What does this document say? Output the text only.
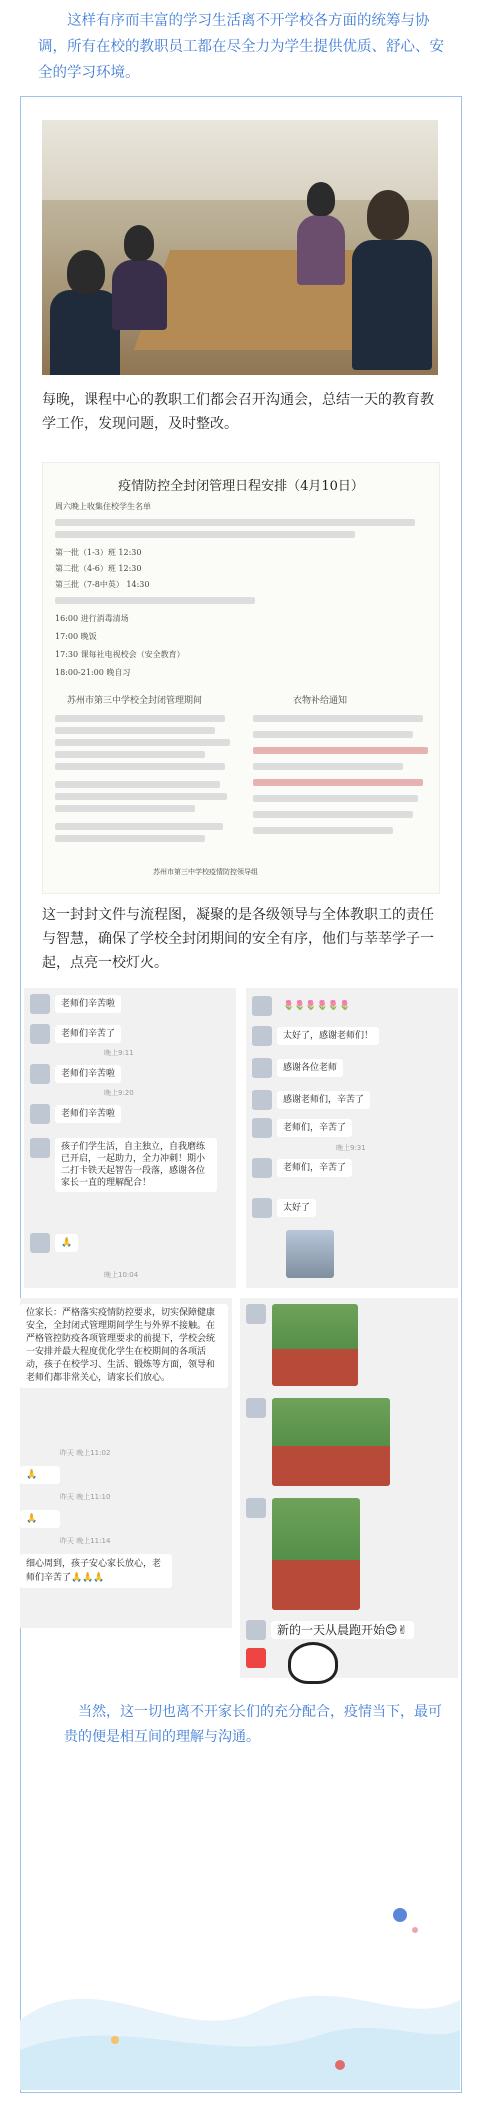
这样有序而丰富的学习生活离不开学校各方面的统筹与协调，所有在校的教职员工都在尽全力为学生提供优质、舒心、安全的学习环境。
每晚，课程中心的教职工们都会召开沟通会，总结一天的教育教学工作，发现问题，及时整改。
疫情防控全封闭管理日程安排（4月10日）
周六晚上收集住校学生名单
第一批（1-3）班 12:30
第二批（4-6）班 12:30
第三批（7-8中英） 14:30
16:00 进行消毒清场
17:00 晚饭
17:30 课每社电视校会（安全教育）
18:00-21:00 晚自习
苏州市第三中学校全封闭管理期间	衣物补给通知
苏州市第三中学校疫情防控领导组
这一封封文件与流程图，凝聚的是各级领导与全体教职工的责任与智慧，确保了学校全封闭期间的安全有序，他们与莘莘学子一起，点亮一校灯火。
老师们辛苦啦
老师们辛苦了
晚上9:11
老师们辛苦啦
晚上9:20
老师们辛苦啦
孩子们学生活，自主独立，自我磨练已开启，一起助力，全力冲刺！期小二打卡铁天起智告一段落，感谢各位家长一直的理解配合！
🙏
晚上10:04
🌷🌷🌷🌷🌷🌷
太好了，感谢老师们！
感谢各位老师
感谢老师们，辛苦了
老师们，辛苦了
晚上9:31
老师们，辛苦了
太好了
位家长：严格落实疫情防控要求，切实保障健康安全，全封闭式管理期间学生与外界不接触。在严格管控防疫各项管理要求的前提下，学校会统一安排并最大程度优化学生在校期间的各项活动，孩子在校学习、生活、锻炼等方面，领导和老师们都非常关心，请家长们放心。
昨天 晚上11:02
🙏
昨天 晚上11:10
🙏
昨天 晚上11:14
细心周到，孩子安心家长放心，老师们辛苦了🙏🙏🙏
新的一天从晨跑开始😊✌
当然，这一切也离不开家长们的充分配合，疫情当下，最可贵的便是相互间的理解与沟通。
